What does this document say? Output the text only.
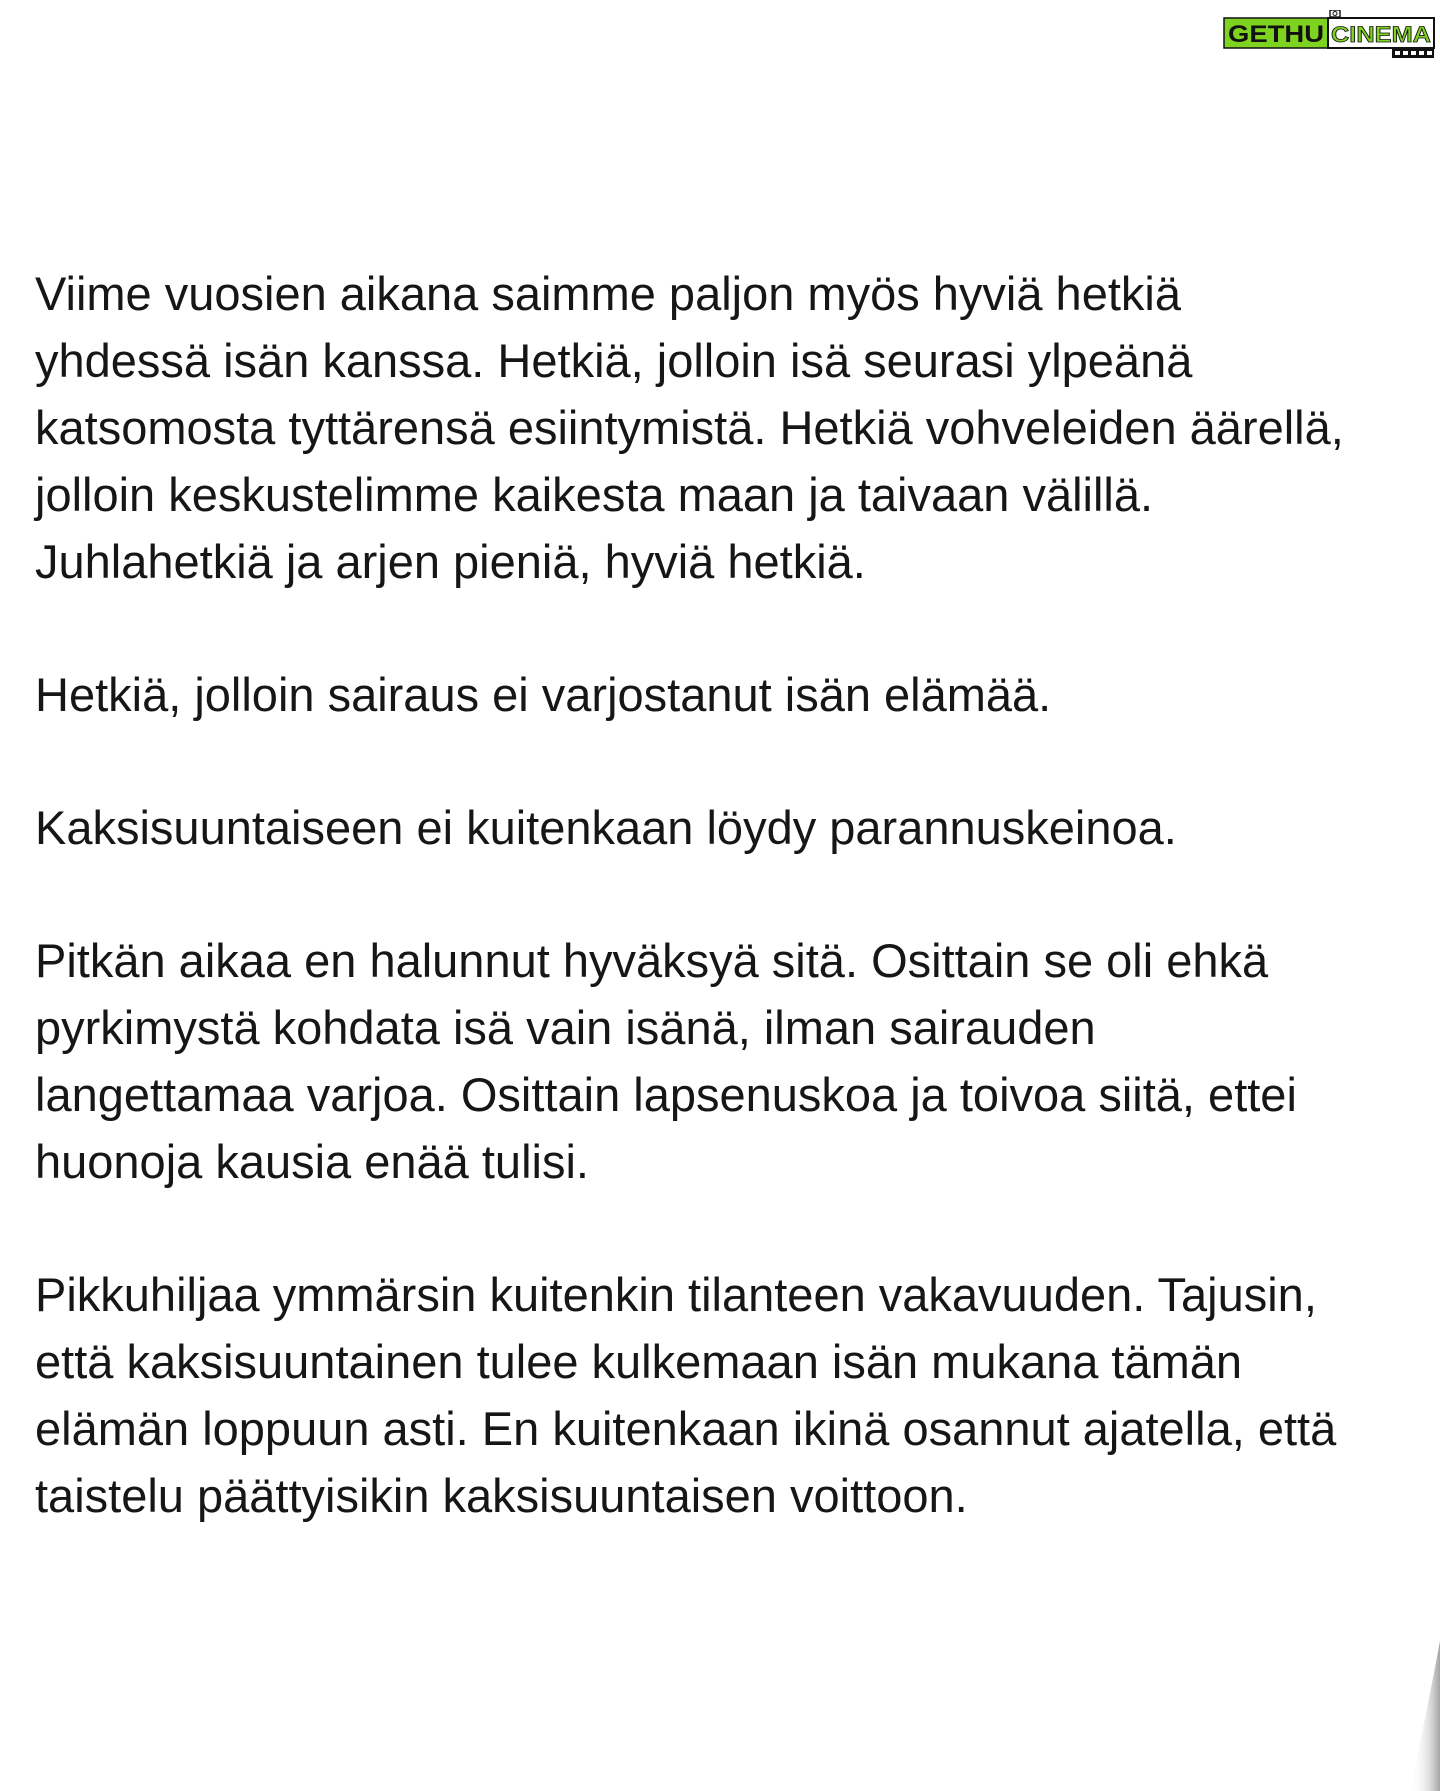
GETHU CINEMA

Viime vuosien aikana saimme paljon myös hyviä hetkiä
yhdessä isän kanssa. Hetkiä, jolloin isä seurasi ylpeänä
katsomosta tyttärensä esiintymistä. Hetkiä vohveleiden äärellä,
jolloin keskustelimme kaikesta maan ja taivaan välillä.
Juhlahetkiä ja arjen pieniä, hyviä hetkiä.

Hetkiä, jolloin sairaus ei varjostanut isän elämää.

Kaksisuuntaiseen ei kuitenkaan löydy parannuskeinoa.

Pitkän aikaa en halunnut hyväksyä sitä. Osittain se oli ehkä
pyrkimystä kohdata isä vain isänä, ilman sairauden
langettamaa varjoa. Osittain lapsenuskoa ja toivoa siitä, ettei
huonoja kausia enää tulisi.

Pikkuhiljaa ymmärsin kuitenkin tilanteen vakavuuden. Tajusin,
että kaksisuuntainen tulee kulkemaan isän mukana tämän
elämän loppuun asti. En kuitenkaan ikinä osannut ajatella, että
taistelu päättyisikin kaksisuuntaisen voittoon.
